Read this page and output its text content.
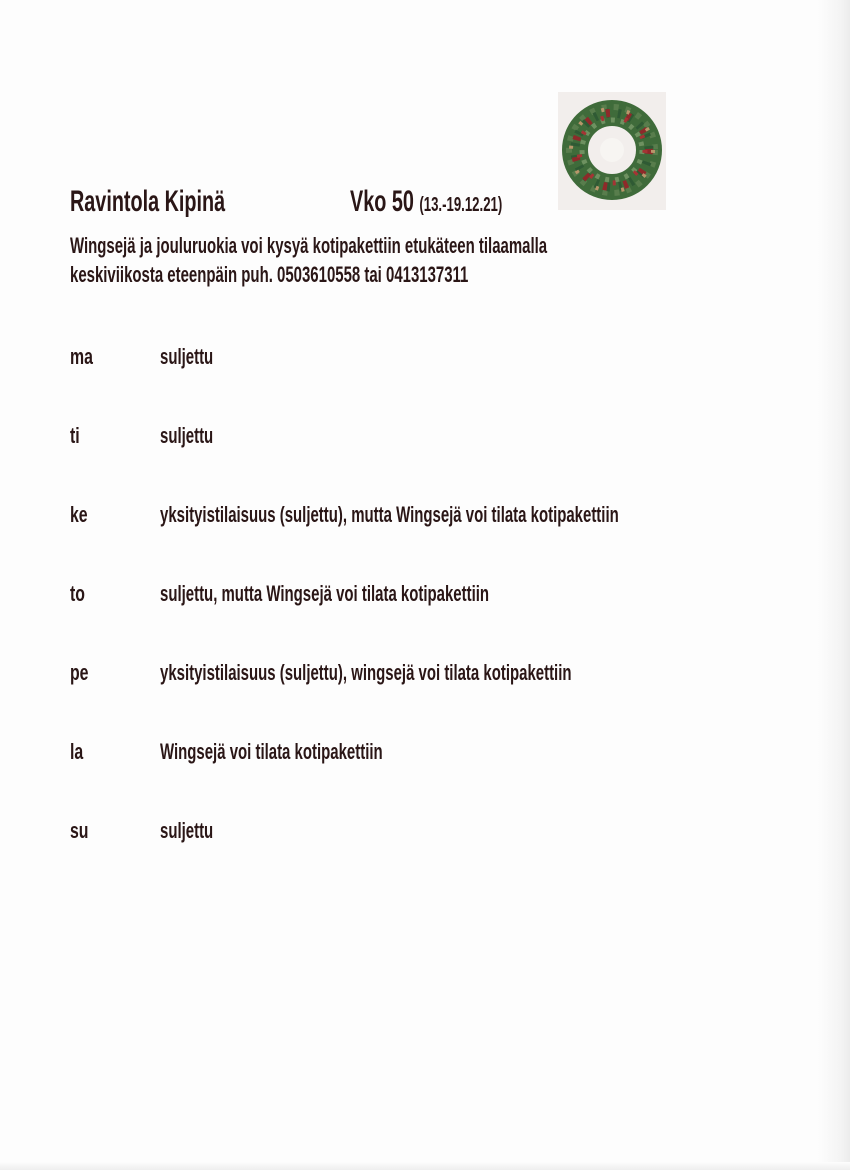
Ravintola Kipinä	Vko 50 (13.-19.12.21)
Wingsejä ja jouluruokia voi kysyä kotipakettiin etukäteen tilaamalla
keskiviikosta eteenpäin puh. 0503610558 tai 0413137311
ma	suljettu
ti	suljettu
ke	yksityistilaisuus (suljettu), mutta Wingsejä voi tilata kotipakettiin
to	suljettu, mutta Wingsejä voi tilata kotipakettiin
pe	yksityistilaisuus (suljettu), wingsejä voi tilata kotipakettiin
la	Wingsejä voi tilata kotipakettiin
su	suljettu
